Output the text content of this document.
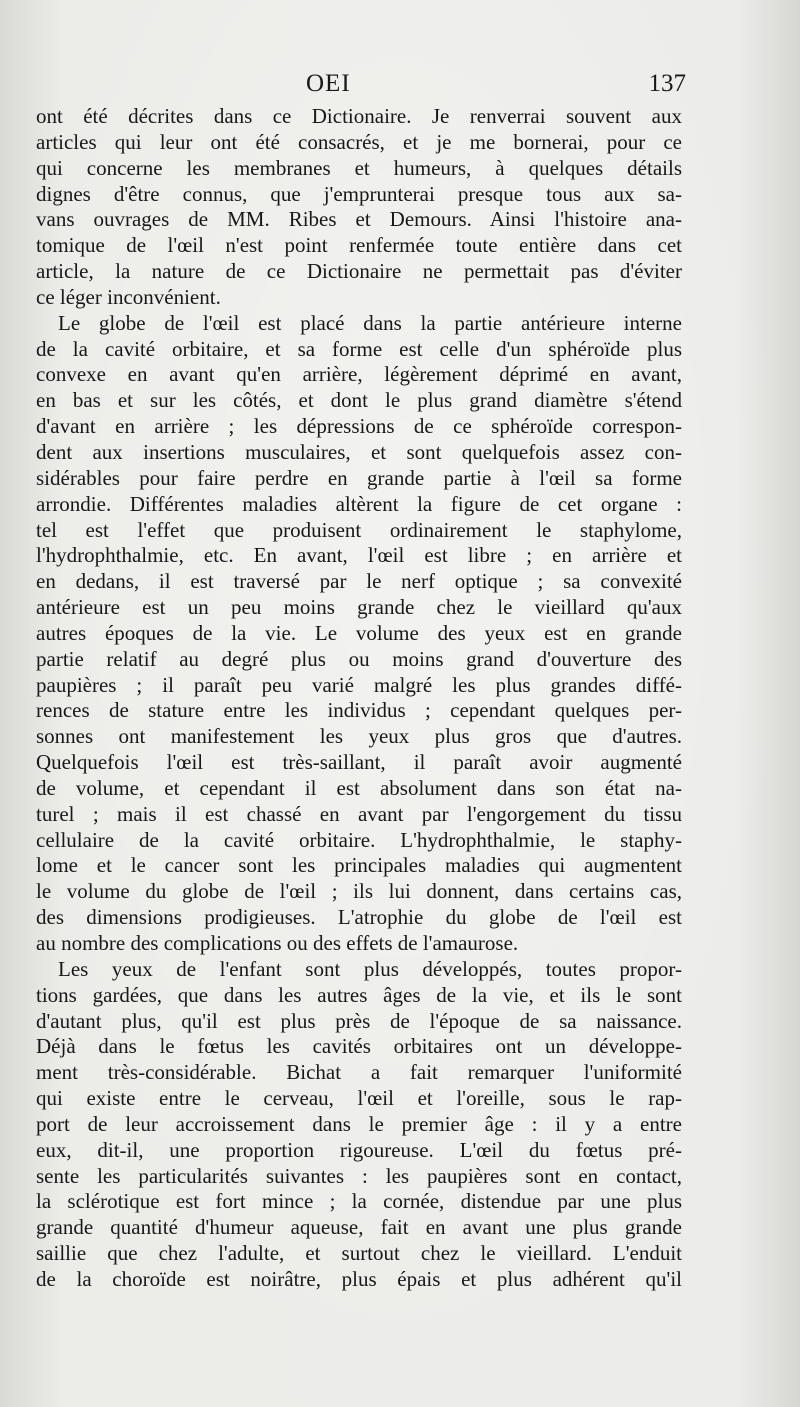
OEI	137
ont été décrites dans ce Dictionaire. Je renverrai souvent aux
articles qui leur ont été consacrés, et je me bornerai, pour ce
qui concerne les membranes et humeurs, à quelques détails
dignes d'être connus, que j'emprunterai presque tous aux sa-
vans ouvrages de MM. Ribes et Demours. Ainsi l'histoire ana-
tomique de l'œil n'est point renfermée toute entière dans cet
article, la nature de ce Dictionaire ne permettait pas d'éviter
ce léger inconvénient.
Le globe de l'œil est placé dans la partie antérieure interne
de la cavité orbitaire, et sa forme est celle d'un sphéroïde plus
convexe en avant qu'en arrière, légèrement déprimé en avant,
en bas et sur les côtés, et dont le plus grand diamètre s'étend
d'avant en arrière ; les dépressions de ce sphéroïde correspon-
dent aux insertions musculaires, et sont quelquefois assez con-
sidérables pour faire perdre en grande partie à l'œil sa forme
arrondie. Différentes maladies altèrent la figure de cet organe :
tel est l'effet que produisent ordinairement le staphylome,
l'hydrophthalmie, etc. En avant, l'œil est libre ; en arrière et
en dedans, il est traversé par le nerf optique ; sa convexité
antérieure est un peu moins grande chez le vieillard qu'aux
autres époques de la vie. Le volume des yeux est en grande
partie relatif au degré plus ou moins grand d'ouverture des
paupières ; il paraît peu varié malgré les plus grandes diffé-
rences de stature entre les individus ; cependant quelques per-
sonnes ont manifestement les yeux plus gros que d'autres.
Quelquefois l'œil est très-saillant, il paraît avoir augmenté
de volume, et cependant il est absolument dans son état na-
turel ; mais il est chassé en avant par l'engorgement du tissu
cellulaire de la cavité orbitaire. L'hydrophthalmie, le staphy-
lome et le cancer sont les principales maladies qui augmentent
le volume du globe de l'œil ; ils lui donnent, dans certains cas,
des dimensions prodigieuses. L'atrophie du globe de l'œil est
au nombre des complications ou des effets de l'amaurose.
Les yeux de l'enfant sont plus développés, toutes propor-
tions gardées, que dans les autres âges de la vie, et ils le sont
d'autant plus, qu'il est plus près de l'époque de sa naissance.
Déjà dans le fœtus les cavités orbitaires ont un développe-
ment très-considérable. Bichat a fait remarquer l'uniformité
qui existe entre le cerveau, l'œil et l'oreille, sous le rap-
port de leur accroissement dans le premier âge : il y a entre
eux, dit-il, une proportion rigoureuse. L'œil du fœtus pré-
sente les particularités suivantes : les paupières sont en contact,
la sclérotique est fort mince ; la cornée, distendue par une plus
grande quantité d'humeur aqueuse, fait en avant une plus grande
saillie que chez l'adulte, et surtout chez le vieillard. L'enduit
de la choroïde est noirâtre, plus épais et plus adhérent qu'il
